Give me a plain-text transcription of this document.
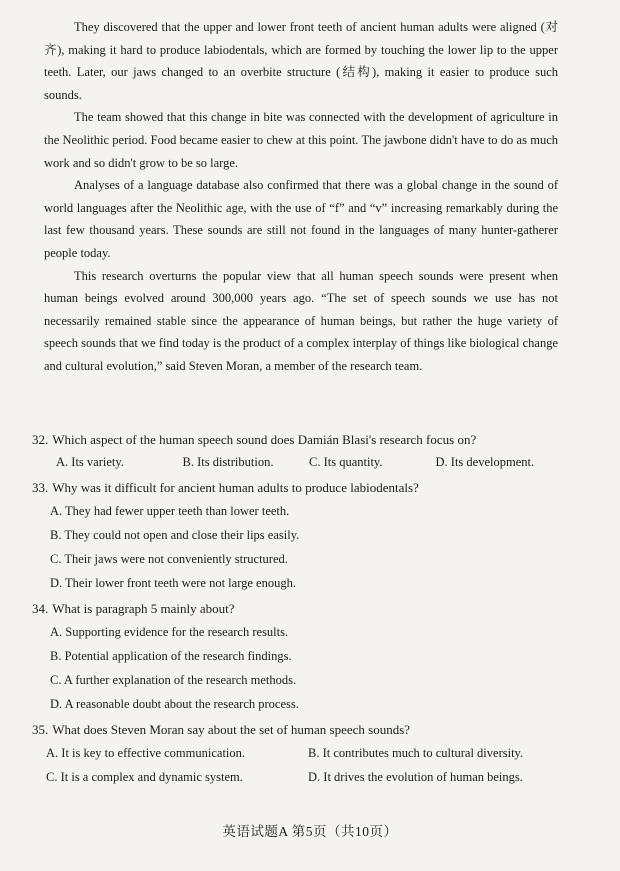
They discovered that the upper and lower front teeth of ancient human adults were aligned (对齐), making it hard to produce labiodentals, which are formed by touching the lower lip to the upper teeth. Later, our jaws changed to an overbite structure (结构), making it easier to produce such sounds.

The team showed that this change in bite was connected with the development of agriculture in the Neolithic period. Food became easier to chew at this point. The jawbone didn't have to do as much work and so didn't grow to be so large.

Analyses of a language database also confirmed that there was a global change in the sound of world languages after the Neolithic age, with the use of “f” and “v” increasing remarkably during the last few thousand years. These sounds are still not found in the languages of many hunter-gatherer people today.

This research overturns the popular view that all human speech sounds were present when human beings evolved around 300,000 years ago. “The set of speech sounds we use has not necessarily remained stable since the appearance of human beings, but rather the huge variety of speech sounds that we find today is the product of a complex interplay of things like biological change and cultural evolution,” said Steven Moran, a member of the research team.

32. Which aspect of the human speech sound does Damián Blasi's research focus on?

A. Its variety.	B. Its distribution.	C. Its quantity.	D. Its development.

33. Why was it difficult for ancient human adults to produce labiodentals?

A. They had fewer upper teeth than lower teeth.
B. They could not open and close their lips easily.
C. Their jaws were not conveniently structured.
D. Their lower front teeth were not large enough.

34. What is paragraph 5 mainly about?

A. Supporting evidence for the research results.
B. Potential application of the research findings.
C. A further explanation of the research methods.
D. A reasonable doubt about the research process.

35. What does Steven Moran say about the set of human speech sounds?

A. It is key to effective communication.	B. It contributes much to cultural diversity.
C. It is a complex and dynamic system.	D. It drives the evolution of human beings.
英语试题A 第5页（共10页）
